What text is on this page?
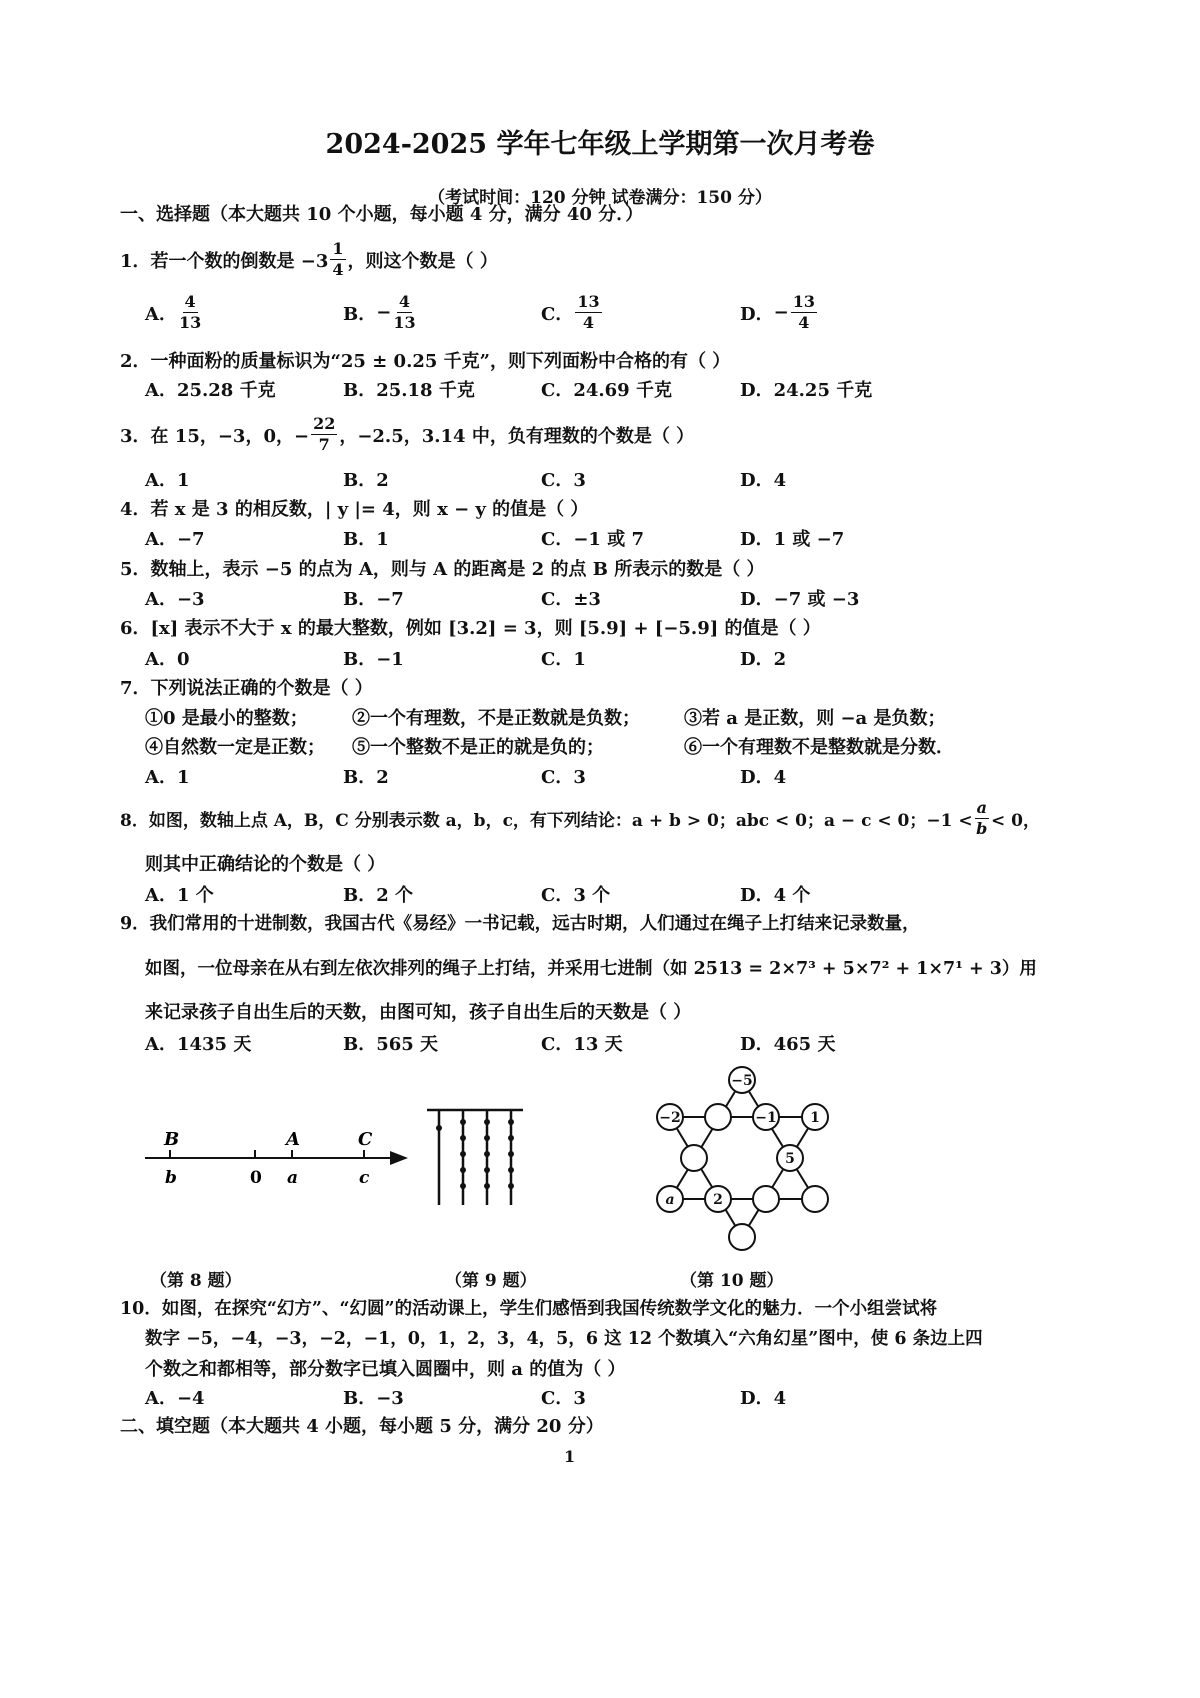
2024-2025 学年七年级上学期第一次月考卷
（考试时间：120 分钟 试卷满分：150 分）
一、选择题（本大题共 10 个小题，每小题 4 分，满分 40 分．）
1．若一个数的倒数是 $-3 \frac{1}{4}$ ，则这个数是（ ）
A． $\frac{4}{13}$	B． − $\frac{4}{13}$	C． $\frac{13}{4}$	D． − $\frac{13}{4}$
2．一种面粉的质量标识为“25 ± 0.25 千克”，则下列面粉中合格的有（ ）
A．25.28 千克	B．25.18 千克	C．24.69 千克	D．24.25 千克
3．在 15，−3，0，− $\frac{22}{7}$ ，−2.5，3.14 中，负有理数的个数是（ ）
A．1	B．2	C．3	D．4
4．若 x 是 3 的相反数，| y |= 4，则 x − y 的值是（ ）
A．−7	B．1	C．−1 或 7	D．1 或 −7
5．数轴上，表示 −5 的点为 A，则与 A 的距离是 2 的点 B 所表示的数是（ ）
A．−3	B．−7	C．±3	D．−7 或 −3
6．[x] 表示不大于 x 的最大整数，例如 [3.2] = 3，则 [5.9] + [−5.9] 的值是（ ）
A．0	B．−1	C．1	D．2
7．下列说法正确的个数是（ ）
①0 是最小的整数； ②一个有理数，不是正数就是负数； ③若 a 是正数，则 −a 是负数；
④自然数一定是正数； ⑤一个整数不是正的就是负的；	⑥一个有理数不是整数就是分数．
A．1	B．2	C．3	D．4
8．如图，数轴上点 A，B，C 分别表示数 a，b，c，有下列结论：a + b > 0；abc < 0；a − c < 0；$-1 < \frac{a}{b} < 0$，
则其中正确结论的个数是（ ）
A．1 个	B．2 个	C．3 个	D．4 个
9．我们常用的十进制数，我国古代《易经》一书记载，远古时期，人们通过在绳子上打结来记录数量，
如图，一位母亲在从右到左依次排列的绳子上打结，并采用七进制（如 2513 = 2×7³ + 5×7² + 1×7¹ + 3）用
来记录孩子自出生后的天数，由图可知，孩子自出生后的天数是（ ）
A．1435 天	B．565 天	C．13 天	D．465 天
B	A	C
b	0 a	c
−5
−2	−1 1
5
a	2
（第 8 题）	（第 9 题）	（第 10 题）
10．如图，在探究“幻方”、“幻圆”的活动课上，学生们感悟到我国传统数学文化的魅力．一个小组尝试将
数字 −5，−4，−3，−2，−1，0，1，2，3，4，5，6 这 12 个数填入“六角幻星”图中，使 6 条边上四
个数之和都相等，部分数字已填入圆圈中，则 a 的值为（ ）
A．−4	B．−3	C．3	D．4
二、填空题（本大题共 4 小题，每小题 5 分，满分 20 分）
1
